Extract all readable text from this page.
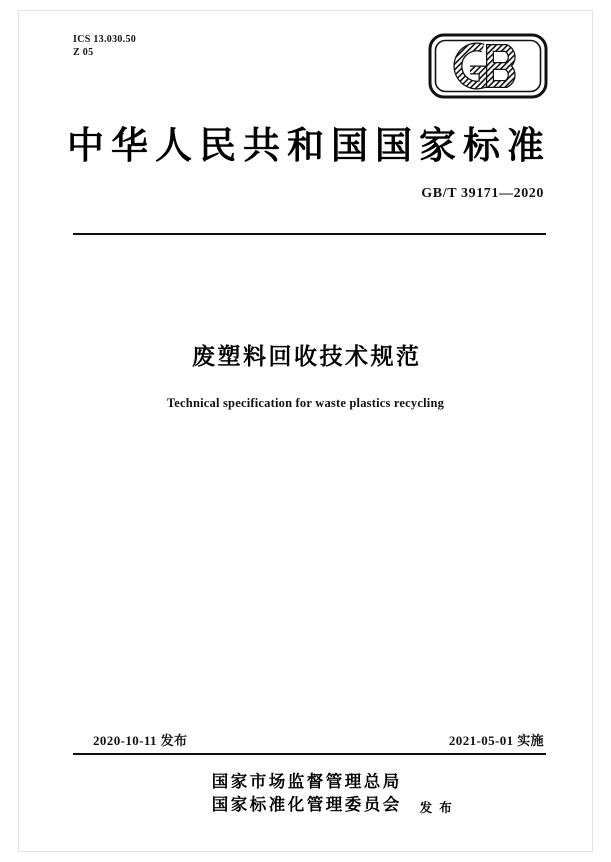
ICS 13.030.50
Z 05
中华人民共和国国家标准
GB/T 39171—2020
废塑料回收技术规范
Technical specification for waste plastics recycling
2020-10-11 发布	2021-05-01 实施
国家市场监督管理总局
国家标准化管理委员会 发 布
